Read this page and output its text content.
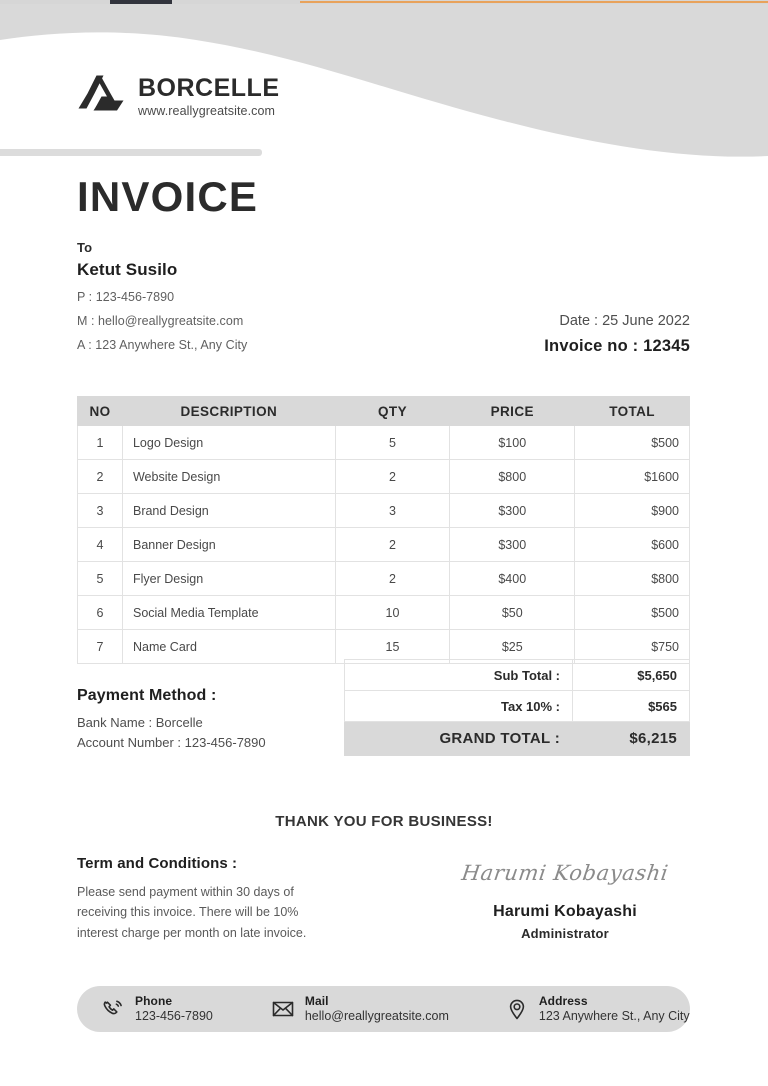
BORCELLE
www.reallygreatsite.com
INVOICE
To
Ketut Susilo
P : 123-456-7890
M : hello@reallygreatsite.com
A : 123 Anywhere St., Any City
Date : 25 June 2022
Invoice no : 12345
NO	DESCRIPTION	QTY	PRICE	TOTAL
1	Logo Design	5	$100	$500
2	Website Design	2	$800	$1600
3	Brand Design	3	$300	$900
4	Banner Design	2	$300	$600
5	Flyer Design	2	$400	$800
6	Social Media Template	10	$50	$500
7	Name Card	15	$25	$750
Sub Total :	$5,650
Tax 10% :	$565
GRAND TOTAL :	$6,215
Payment Method :
Bank Name : Borcelle
Account Number : 123-456-7890
THANK YOU FOR BUSINESS!
Term and Conditions :
Please send payment within 30 days of receiving this invoice. There will be 10% interest charge per month on late invoice.
Harumi Kobayashi
Harumi Kobayashi
Administrator
Phone
123-456-7890
Mail
hello@reallygreatsite.com
Address
123 Anywhere St., Any City
